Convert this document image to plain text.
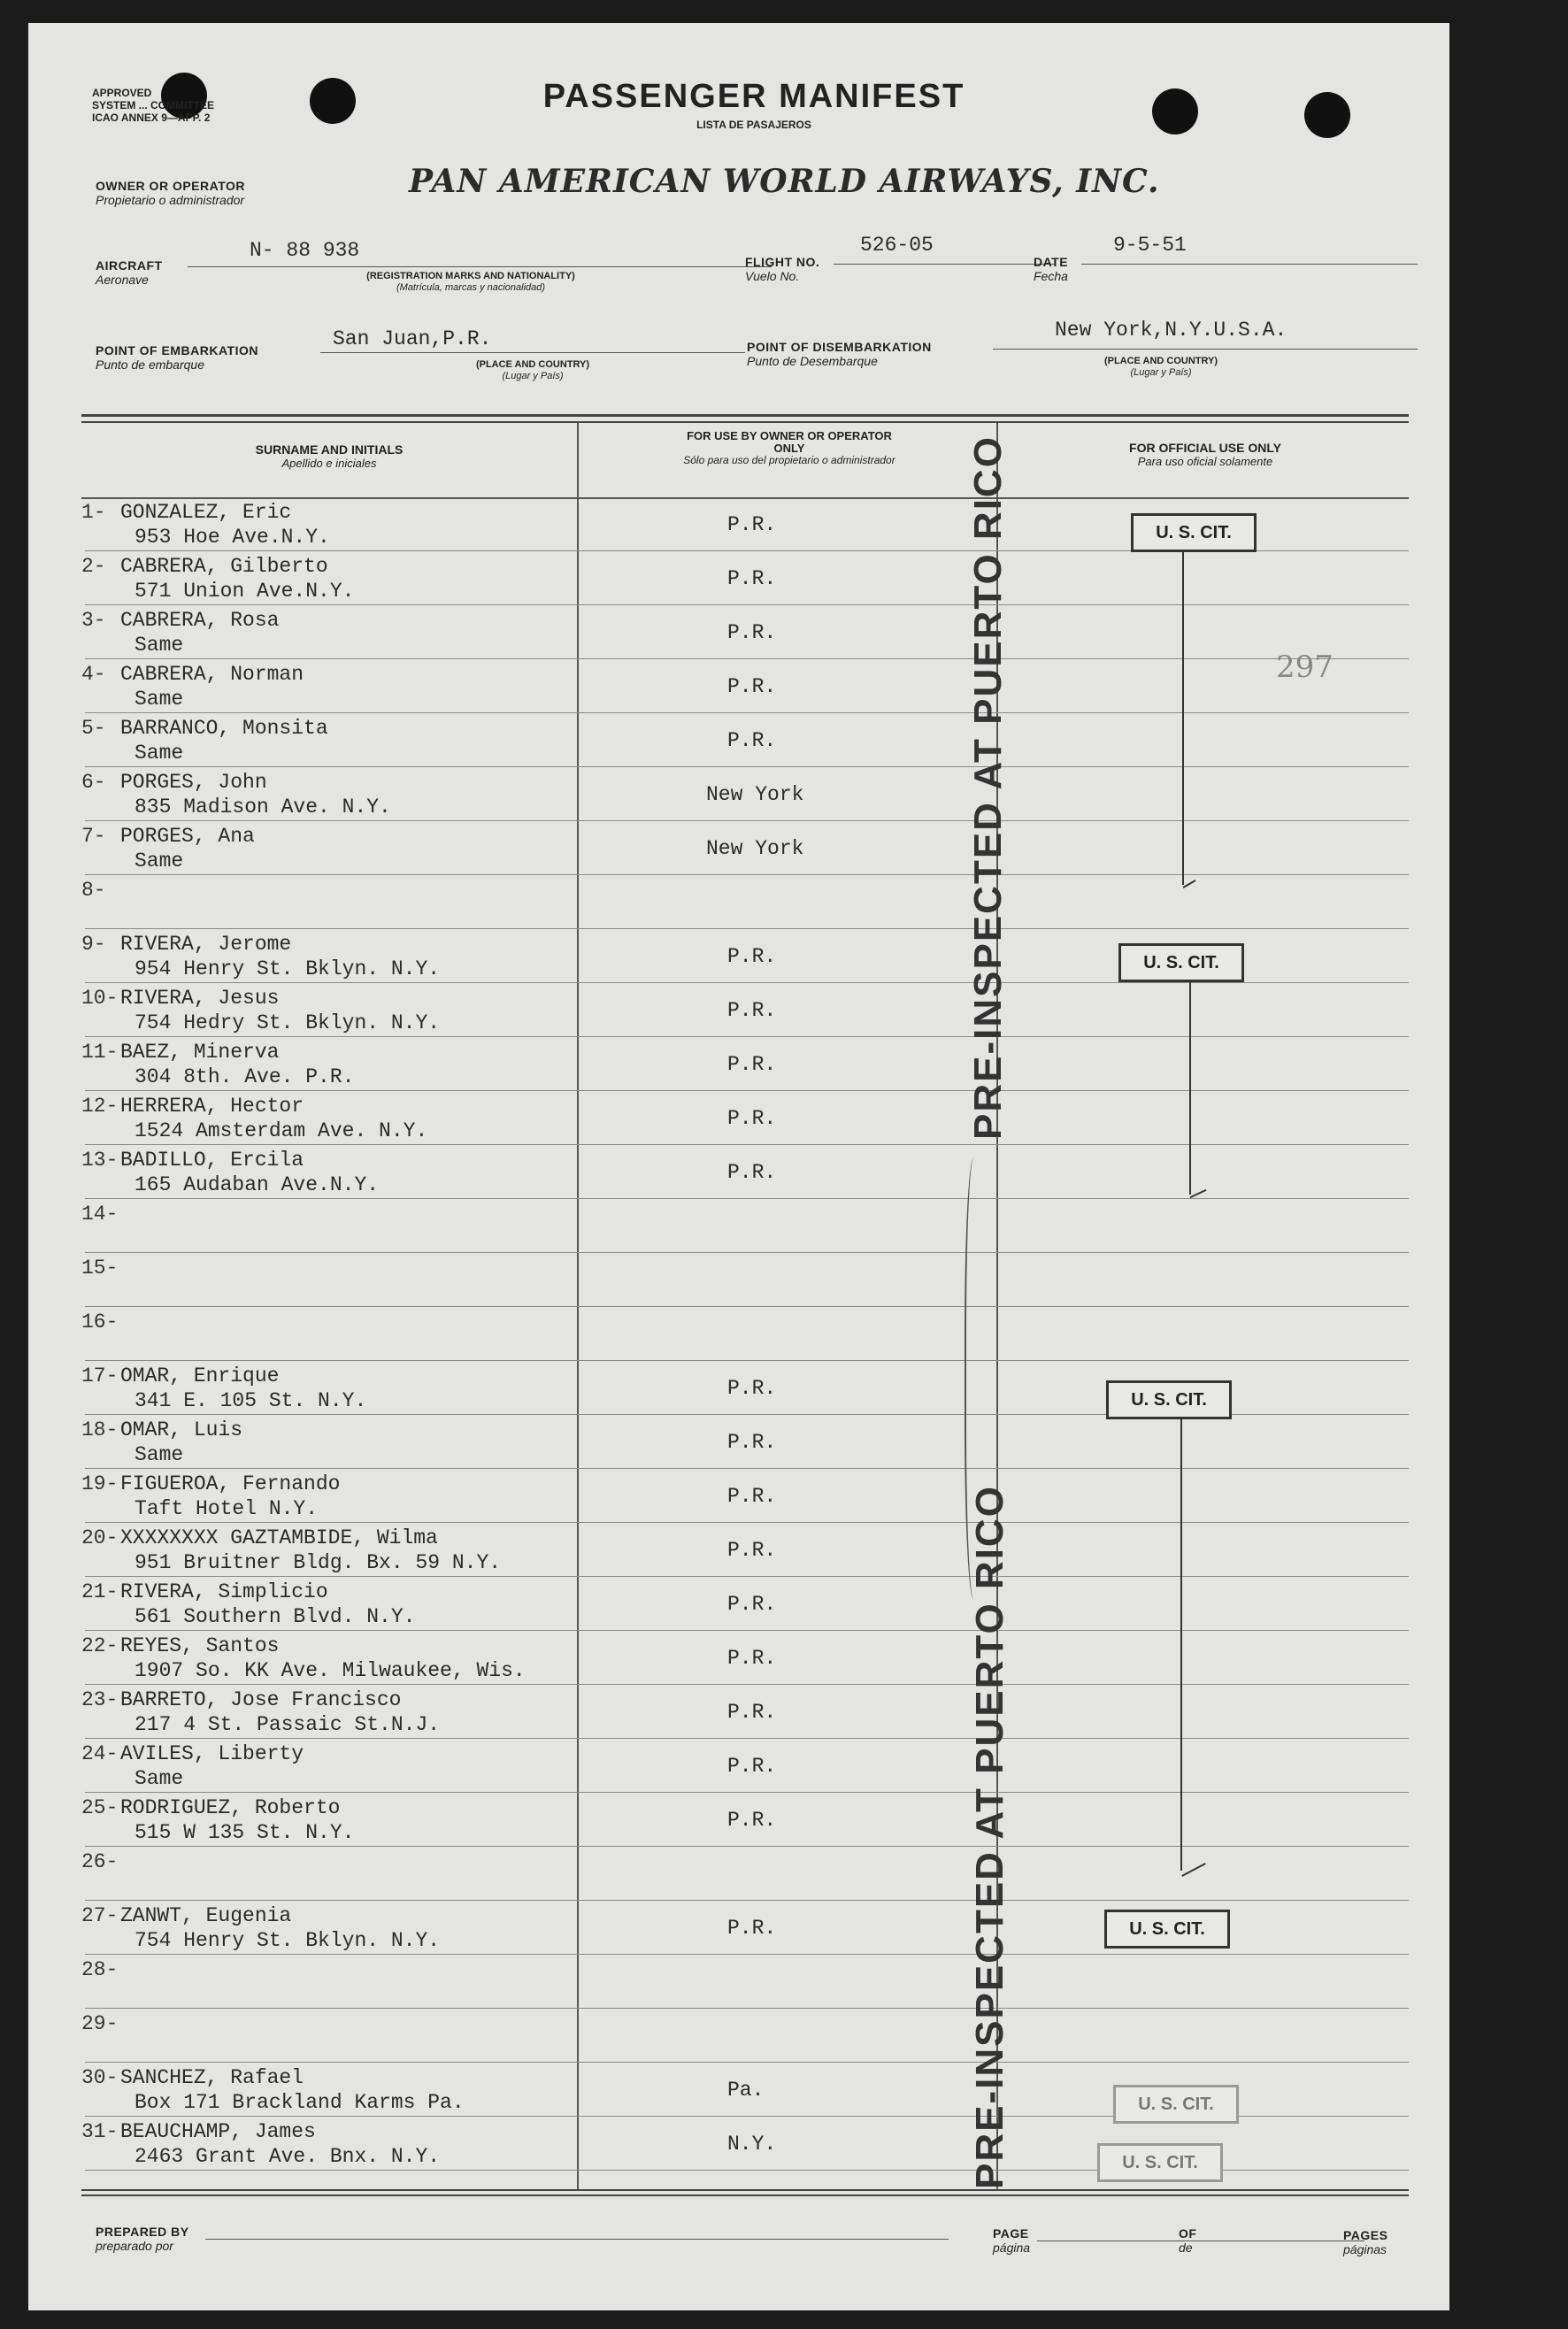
APPROVED
SYSTEM ... COMMITTEE
ICAO ANNEX 9—APP. 2
PASSENGER MANIFEST
LISTA DE PASAJEROS
OWNER OR OPERATOR
Propietario o administrador	PAN AMERICAN WORLD AIRWAYS, INC.
AIRCRAFT
Aeronave
N- 88 938
(REGISTRATION MARKS AND NATIONALITY)
(Matrícula, marcas y nacionalidad)
FLIGHT NO.
Vuelo No.
526-05
DATE
Fecha
9-5-51
POINT OF EMBARKATION
Punto de embarque
San Juan,P.R.
(PLACE AND COUNTRY)
(Lugar y País)
POINT OF DISEMBARKATION
Punto de Desembarque
New York,N.Y.U.S.A.
(PLACE AND COUNTRY)
(Lugar y País)
SURNAME AND INITIALS
Apellido e iniciales
FOR USE BY OWNER OR OPERATOR ONLY
Sólo para uso del propietario o administrador
FOR OFFICIAL USE ONLY
Para uso oficial solamente
1- GONZALEZ, Eric
953 Hoe Ave.N.Y.
P.R.
2- CABRERA, Gilberto
571 Union Ave.N.Y.
P.R.
3- CABRERA, Rosa
Same
P.R.
4- CABRERA, Norman
Same
P.R.
5- BARRANCO, Monsita
Same
P.R.
6- PORGES, John
835 Madison Ave. N.Y.
New York
7- PORGES, Ana
Same
New York
8-
9- RIVERA, Jerome
954 Henry St. Bklyn. N.Y.
P.R.
10- RIVERA, Jesus
754 Hedry St. Bklyn. N.Y.
P.R.
11- BAEZ, Minerva
304 8th. Ave. P.R.
P.R.
12- HERRERA, Hector
1524 Amsterdam Ave. N.Y.
P.R.
13- BADILLO, Ercila
165 Audaban Ave.N.Y.
P.R.
14-
15-
16-
17- OMAR, Enrique
341 E. 105 St. N.Y.
P.R.
18- OMAR, Luis
Same
P.R.
19- FIGUEROA, Fernando
Taft Hotel N.Y.
P.R.
20- XXXXXXXX GAZTAMBIDE, Wilma
951 Bruitner Bldg. Bx. 59 N.Y.
P.R.
21- RIVERA, Simplicio
561 Southern Blvd. N.Y.
P.R.
22- REYES, Santos
1907 So. KK Ave. Milwaukee, Wis.
P.R.
23- BARRETO, Jose Francisco
217 4 St. Passaic St.N.J.
P.R.
24- AVILES, Liberty
Same
P.R.
25- RODRIGUEZ, Roberto
515 W 135 St. N.Y.
P.R.
26-
27- ZANWT, Eugenia
754 Henry St. Bklyn. N.Y.
P.R.
28-
29-
30- SANCHEZ, Rafael
Box 171 Brackland Karms Pa.
Pa.
31- BEAUCHAMP, James
2463 Grant Ave. Bnx. N.Y.
N.Y.
U. S. CIT.
297
U. S. CIT.
U. S. CIT.
U. S. CIT.
U. S. CIT.
U. S. CIT.
PRE-INSPECTED AT PUERTO RICO
PRE-INSPECTED AT PUERTO RICO
PREPARED BY
preparado por
PAGE
página
OF
de
PAGES
páginas
